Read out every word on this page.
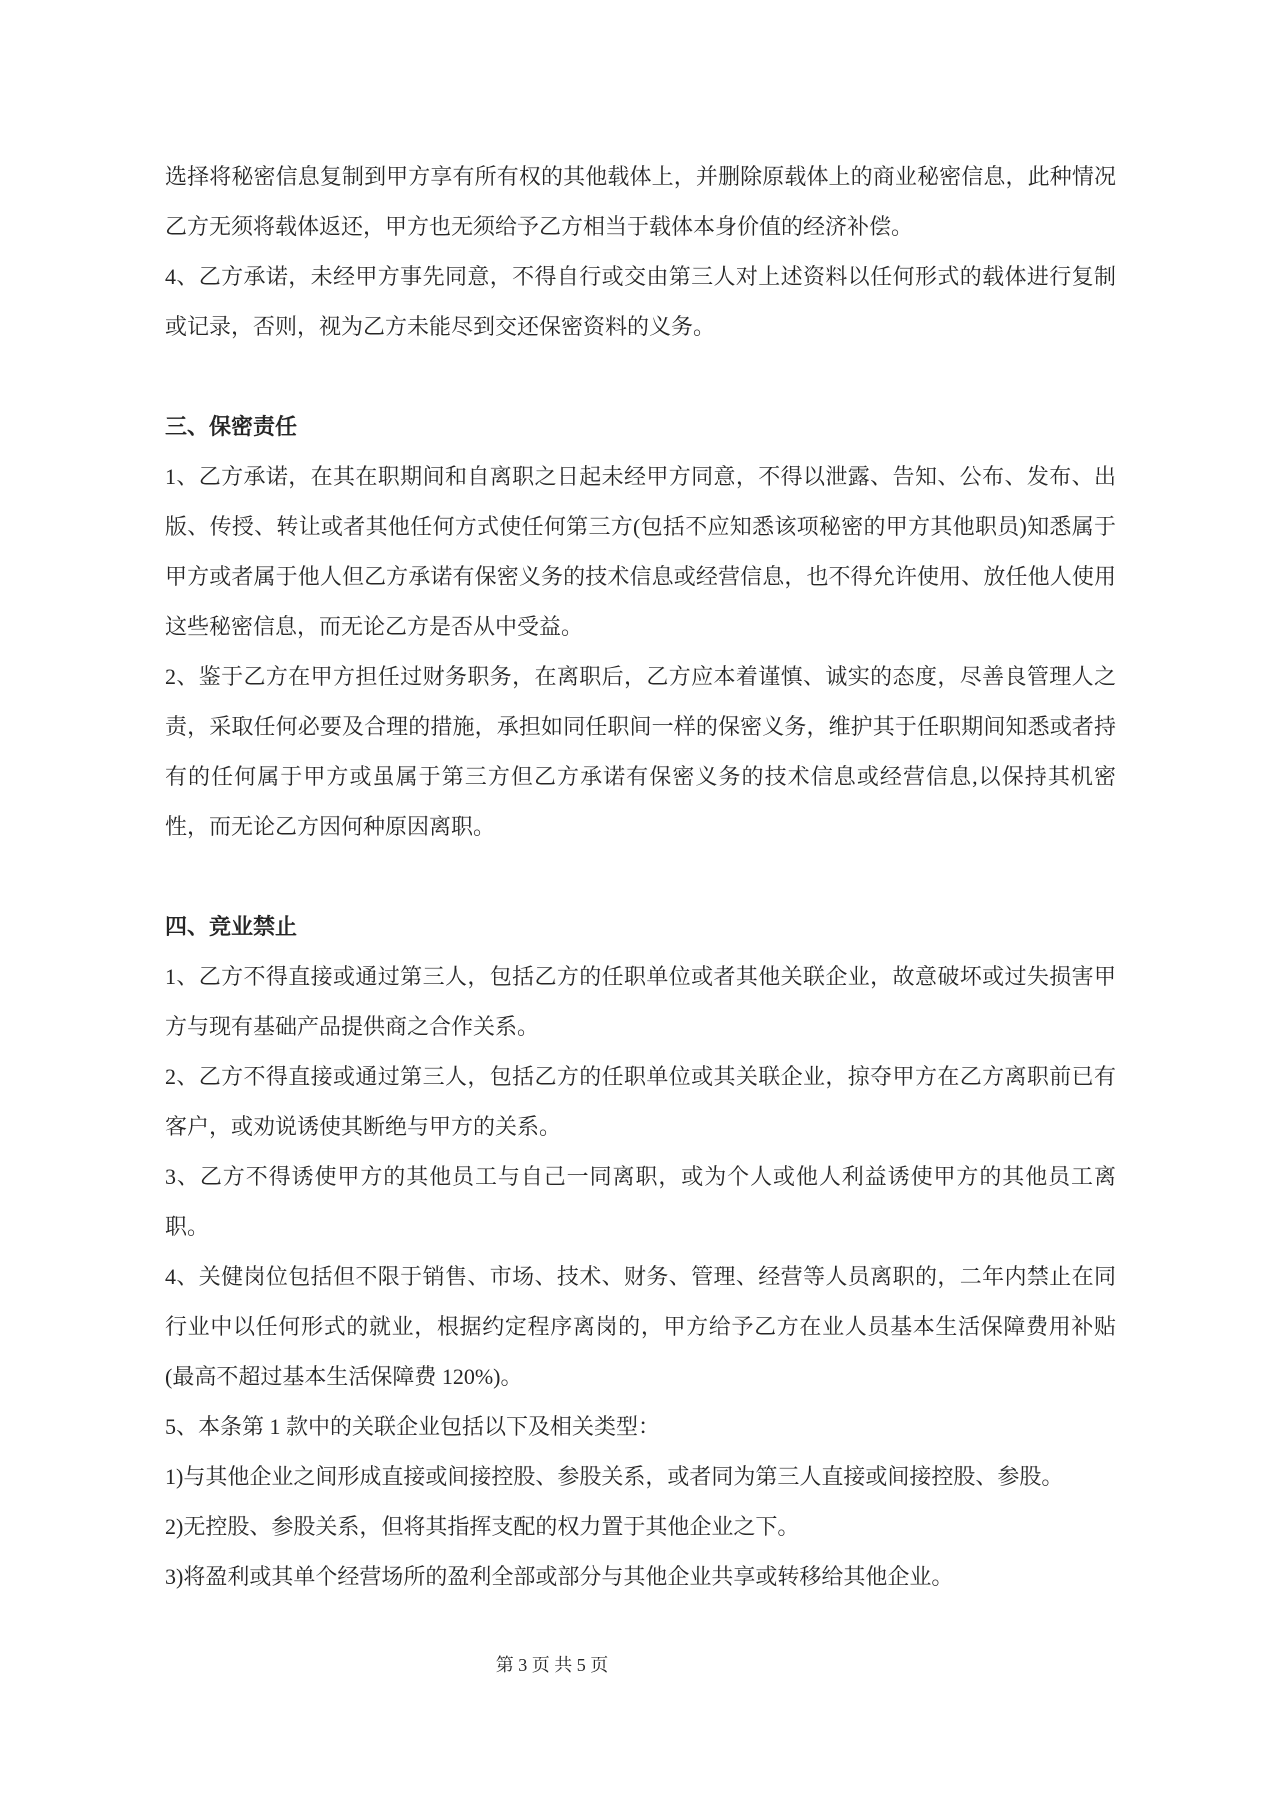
选择将秘密信息复制到甲方享有所有权的其他载体上，并删除原载体上的商业秘密信息，此种情况乙方无须将载体返还，甲方也无须给予乙方相当于载体本身价值的经济补偿。

4、乙方承诺，未经甲方事先同意，不得自行或交由第三人对上述资料以任何形式的载体进行复制或记录，否则，视为乙方未能尽到交还保密资料的义务。

三、保密责任

1、乙方承诺，在其在职期间和自离职之日起未经甲方同意，不得以泄露、告知、公布、发布、出版、传授、转让或者其他任何方式使任何第三方(包括不应知悉该项秘密的甲方其他职员)知悉属于甲方或者属于他人但乙方承诺有保密义务的技术信息或经营信息，也不得允许使用、放任他人使用这些秘密信息，而无论乙方是否从中受益。

2、鉴于乙方在甲方担任过财务职务，在离职后，乙方应本着谨慎、诚实的态度，尽善良管理人之责，采取任何必要及合理的措施，承担如同任职间一样的保密义务，维护其于任职期间知悉或者持有的任何属于甲方或虽属于第三方但乙方承诺有保密义务的技术信息或经营信息,以保持其机密性，而无论乙方因何种原因离职。

四、竞业禁止

1、乙方不得直接或通过第三人，包括乙方的任职单位或者其他关联企业，故意破坏或过失损害甲方与现有基础产品提供商之合作关系。

2、乙方不得直接或通过第三人，包括乙方的任职单位或其关联企业，掠夺甲方在乙方离职前已有客户，或劝说诱使其断绝与甲方的关系。

3、乙方不得诱使甲方的其他员工与自己一同离职，或为个人或他人利益诱使甲方的其他员工离职。

4、关健岗位包括但不限于销售、市场、技术、财务、管理、经营等人员离职的，二年内禁止在同行业中以任何形式的就业，根据约定程序离岗的，甲方给予乙方在业人员基本生活保障费用补贴(最高不超过基本生活保障费 120%)。

5、本条第 1 款中的关联企业包括以下及相关类型：

1)与其他企业之间形成直接或间接控股、参股关系，或者同为第三人直接或间接控股、参股。

2)无控股、参股关系，但将其指挥支配的权力置于其他企业之下。

3)将盈利或其单个经营场所的盈利全部或部分与其他企业共享或转移给其他企业。

第 3 页 共 5 页
